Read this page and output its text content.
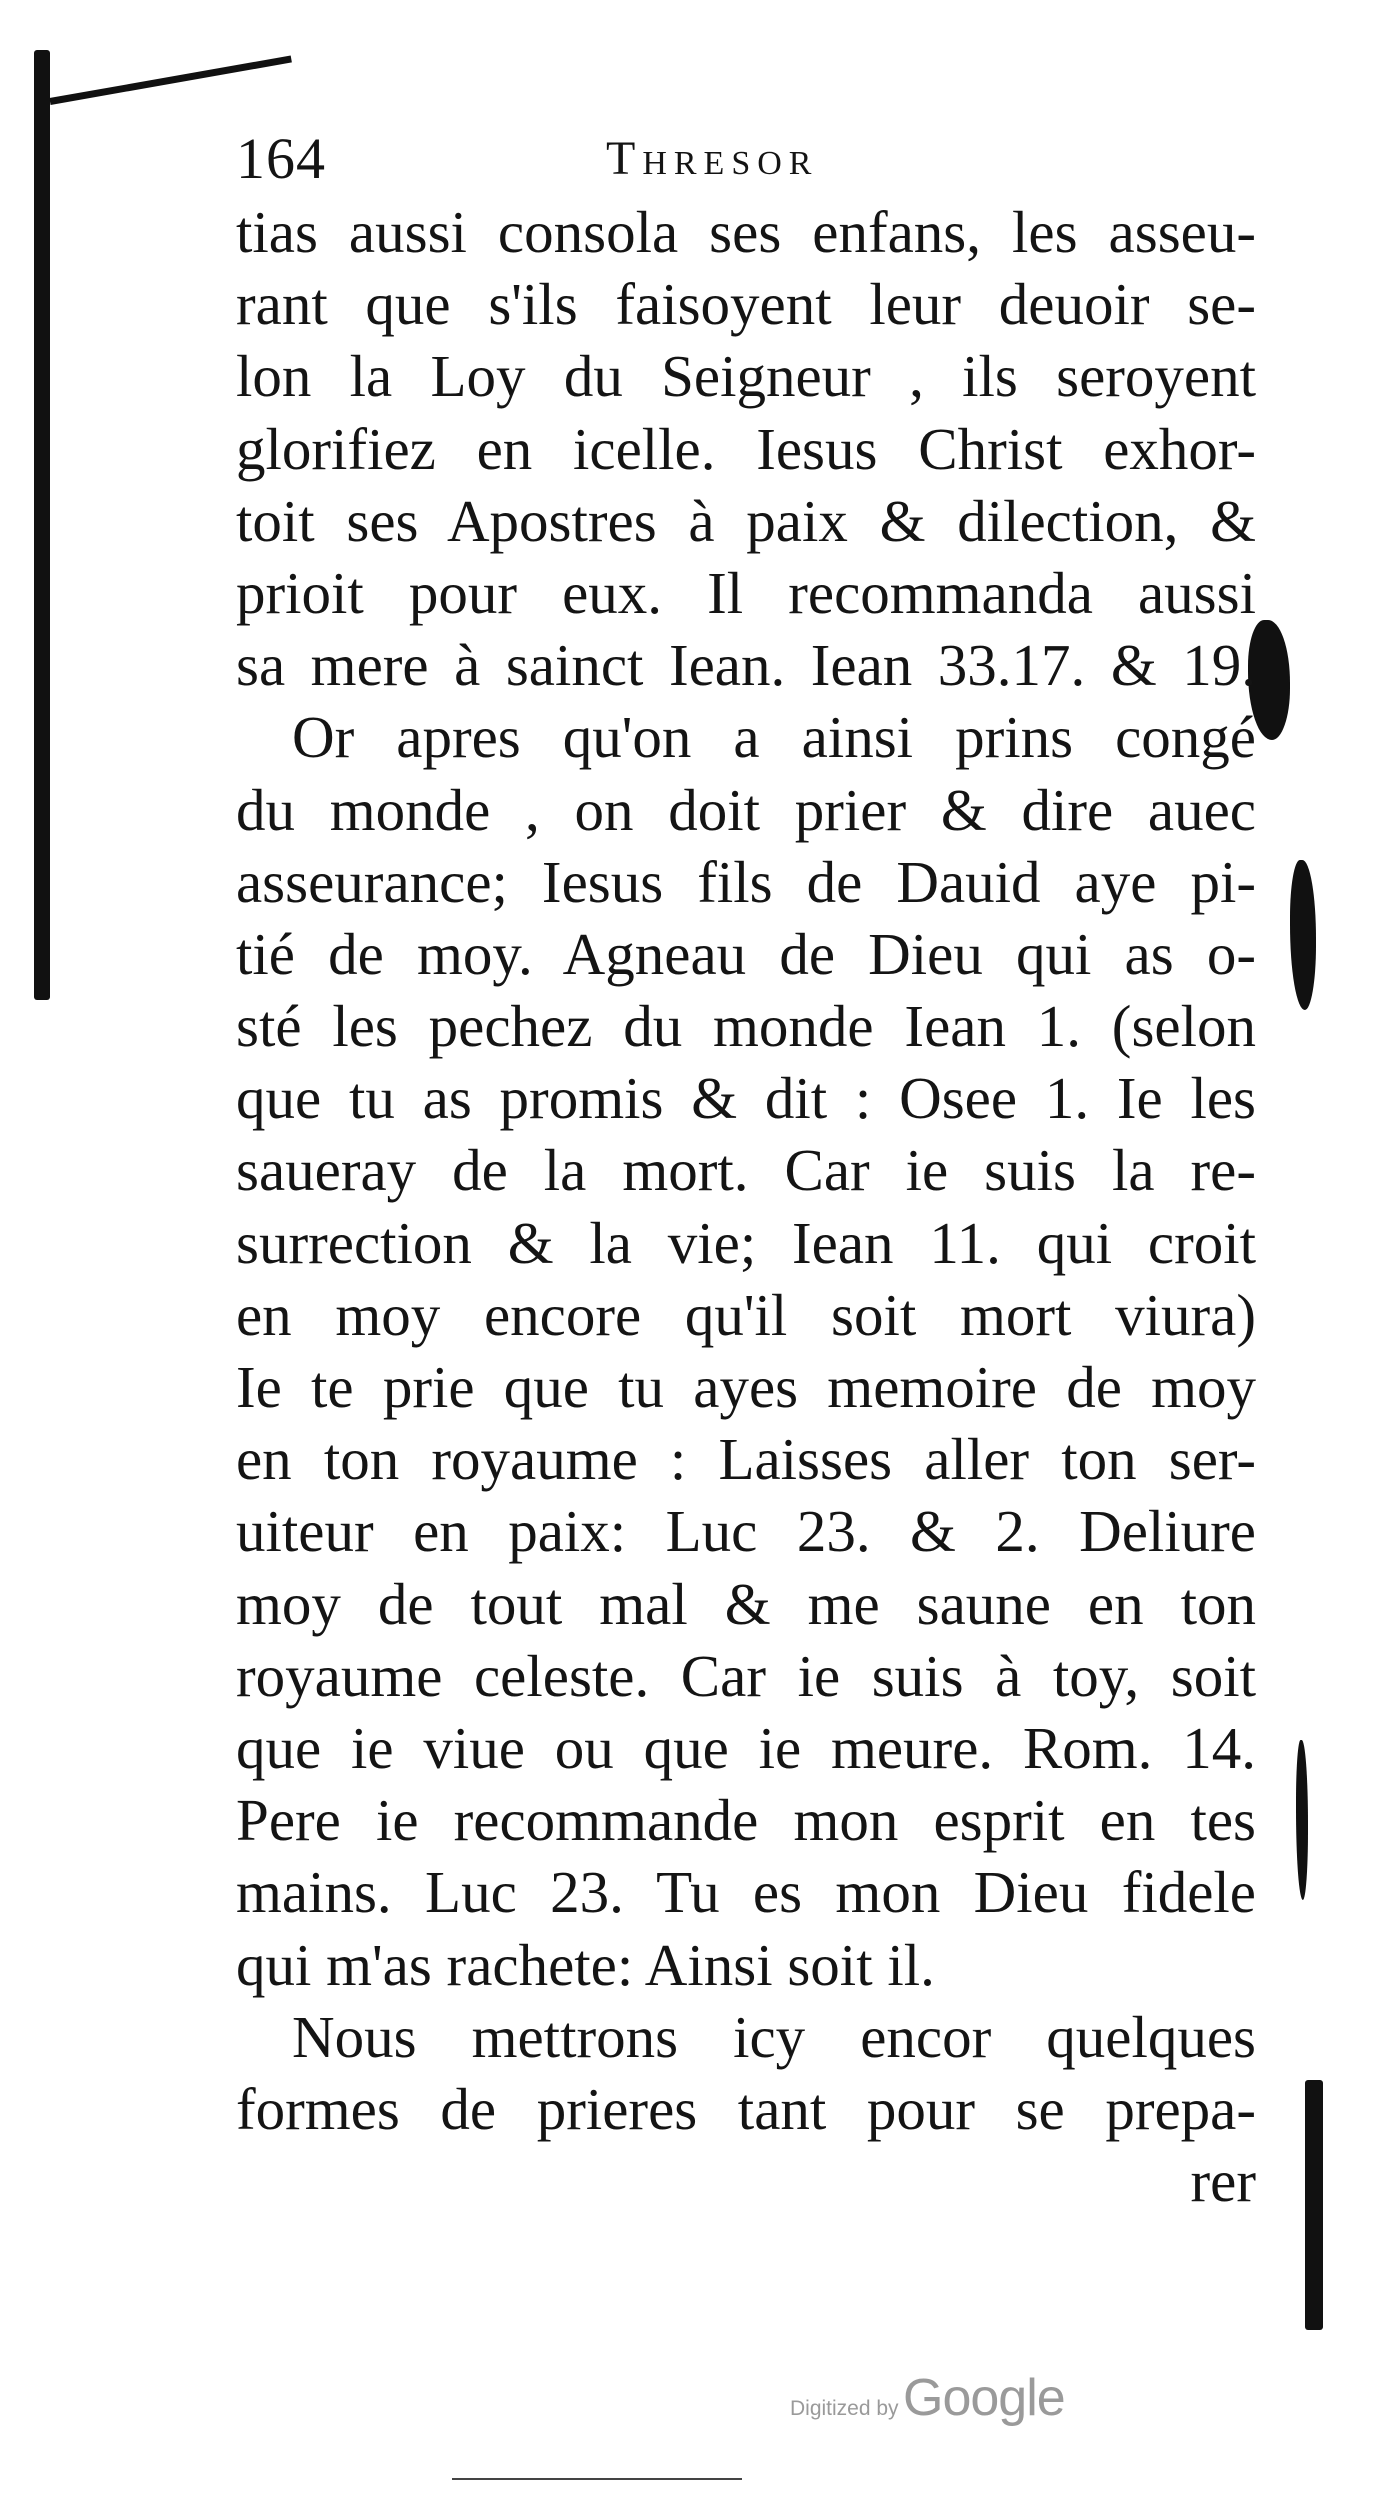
164	Thresor
tias aussi consola ses enfans, les asseu-
rant que s'ils faisoyent leur deuoir se-
lon la Loy du Seigneur , ils seroyent
glorifiez en icelle. Iesus Christ exhor-
toit ses Apostres à paix & dilection, &
prioit pour eux. Il recommanda aussi
sa mere à sainct Iean. Iean 33.17. & 19.
Or apres qu'on a ainsi prins congé
du monde , on doit prier & dire auec
asseurance; Iesus fils de Dauid aye pi-
tié de moy. Agneau de Dieu qui as o-
sté les pechez du monde Iean 1. (selon
que tu as promis & dit : Osee 1. Ie les
saueray de la mort. Car ie suis la re-
surrection & la vie; Iean 11. qui croit
en moy encore qu'il soit mort viura)
Ie te prie que tu ayes memoire de moy
en ton royaume : Laisses aller ton ser-
uiteur en paix: Luc 23. & 2. Deliure
moy de tout mal & me saune en ton
royaume celeste. Car ie suis à toy, soit
que ie viue ou que ie meure. Rom. 14.
Pere ie recommande mon esprit en tes
mains. Luc 23. Tu es mon Dieu fidele
qui m'as rachete: Ainsi soit il.
Nous mettrons icy encor quelques
formes de prieres tant pour se prepa-
rer
Digitized by Google
